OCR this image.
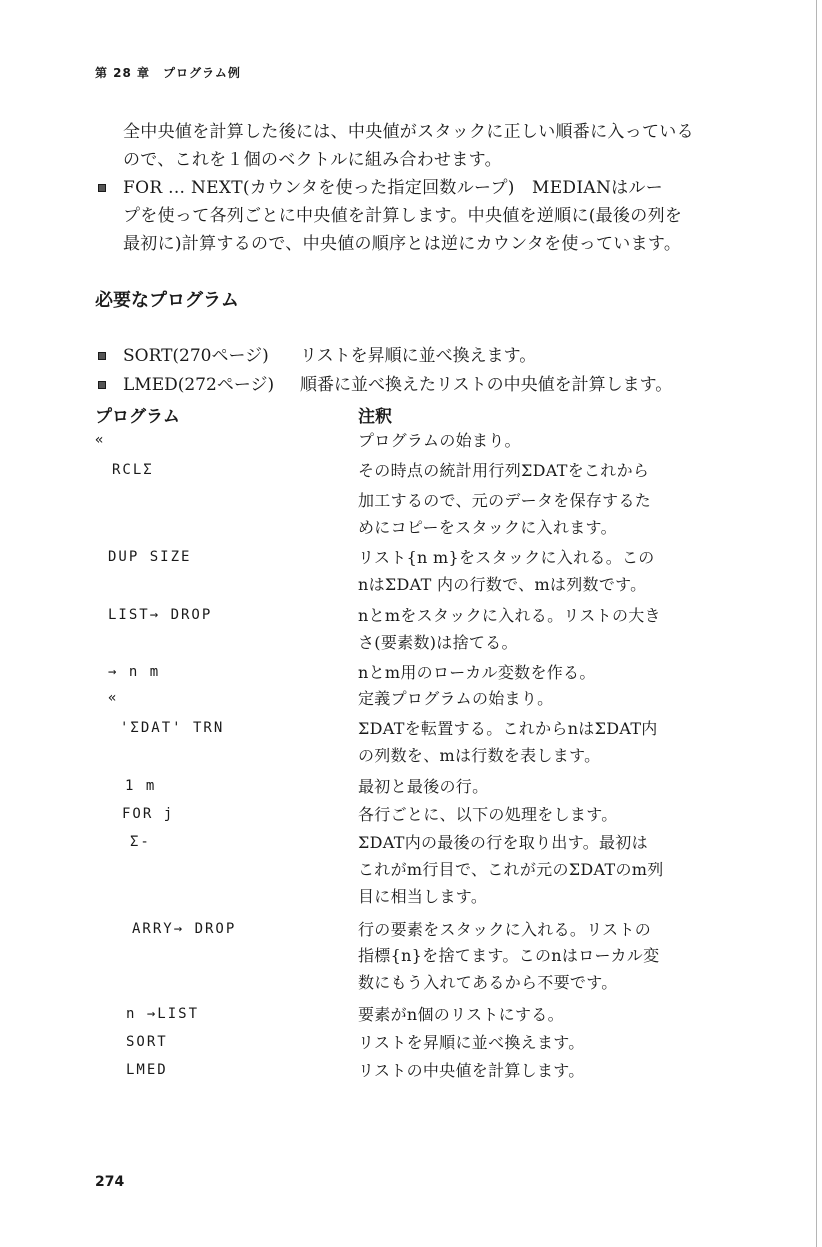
第 28 章　プログラム例
全中央値を計算した後には、中央値がスタックに正しい順番に入っている
ので、これを１個のベクトルに組み合わせます。
FOR ... NEXT(カウンタを使った指定回数ループ)　MEDIANはルー
プを使って各列ごとに中央値を計算します。中央値を逆順に(最後の列を
最初に)計算するので、中央値の順序とは逆にカウンタを使っています。
必要なプログラム
SORT(270ページ) リストを昇順に並べ換えます。
LMED(272ページ) 順番に並べ換えたリストの中央値を計算します。
プログラム	注釈
«	プログラムの始まり。
RCLΣ	その時点の統計用行列ΣDATをこれから
加工するので、元のデータを保存するた
めにコピーをスタックに入れます。
DUP SIZE	リスト{n m}をスタックに入れる。この
nはΣDAT 内の行数で、mは列数です。
LIST→ DROP	nとmをスタックに入れる。リストの大き
さ(要素数)は捨てる。
→ n m	nとm用のローカル変数を作る。
«	定義プログラムの始まり。
'ΣDAT' TRN	ΣDATを転置する。これからnはΣDAT内
の列数を、mは行数を表します。
1 m	最初と最後の行。
FOR j	各行ごとに、以下の処理をします。
Σ-	ΣDAT内の最後の行を取り出す。最初は
これがm行目で、これが元のΣDATのm列
目に相当します。
ARRY→ DROP	行の要素をスタックに入れる。リストの
指標{n}を捨てます。このnはローカル変
数にもう入れてあるから不要です。
n →LIST	要素がn個のリストにする。
SORT	リストを昇順に並べ換えます。
LMED	リストの中央値を計算します。
274
